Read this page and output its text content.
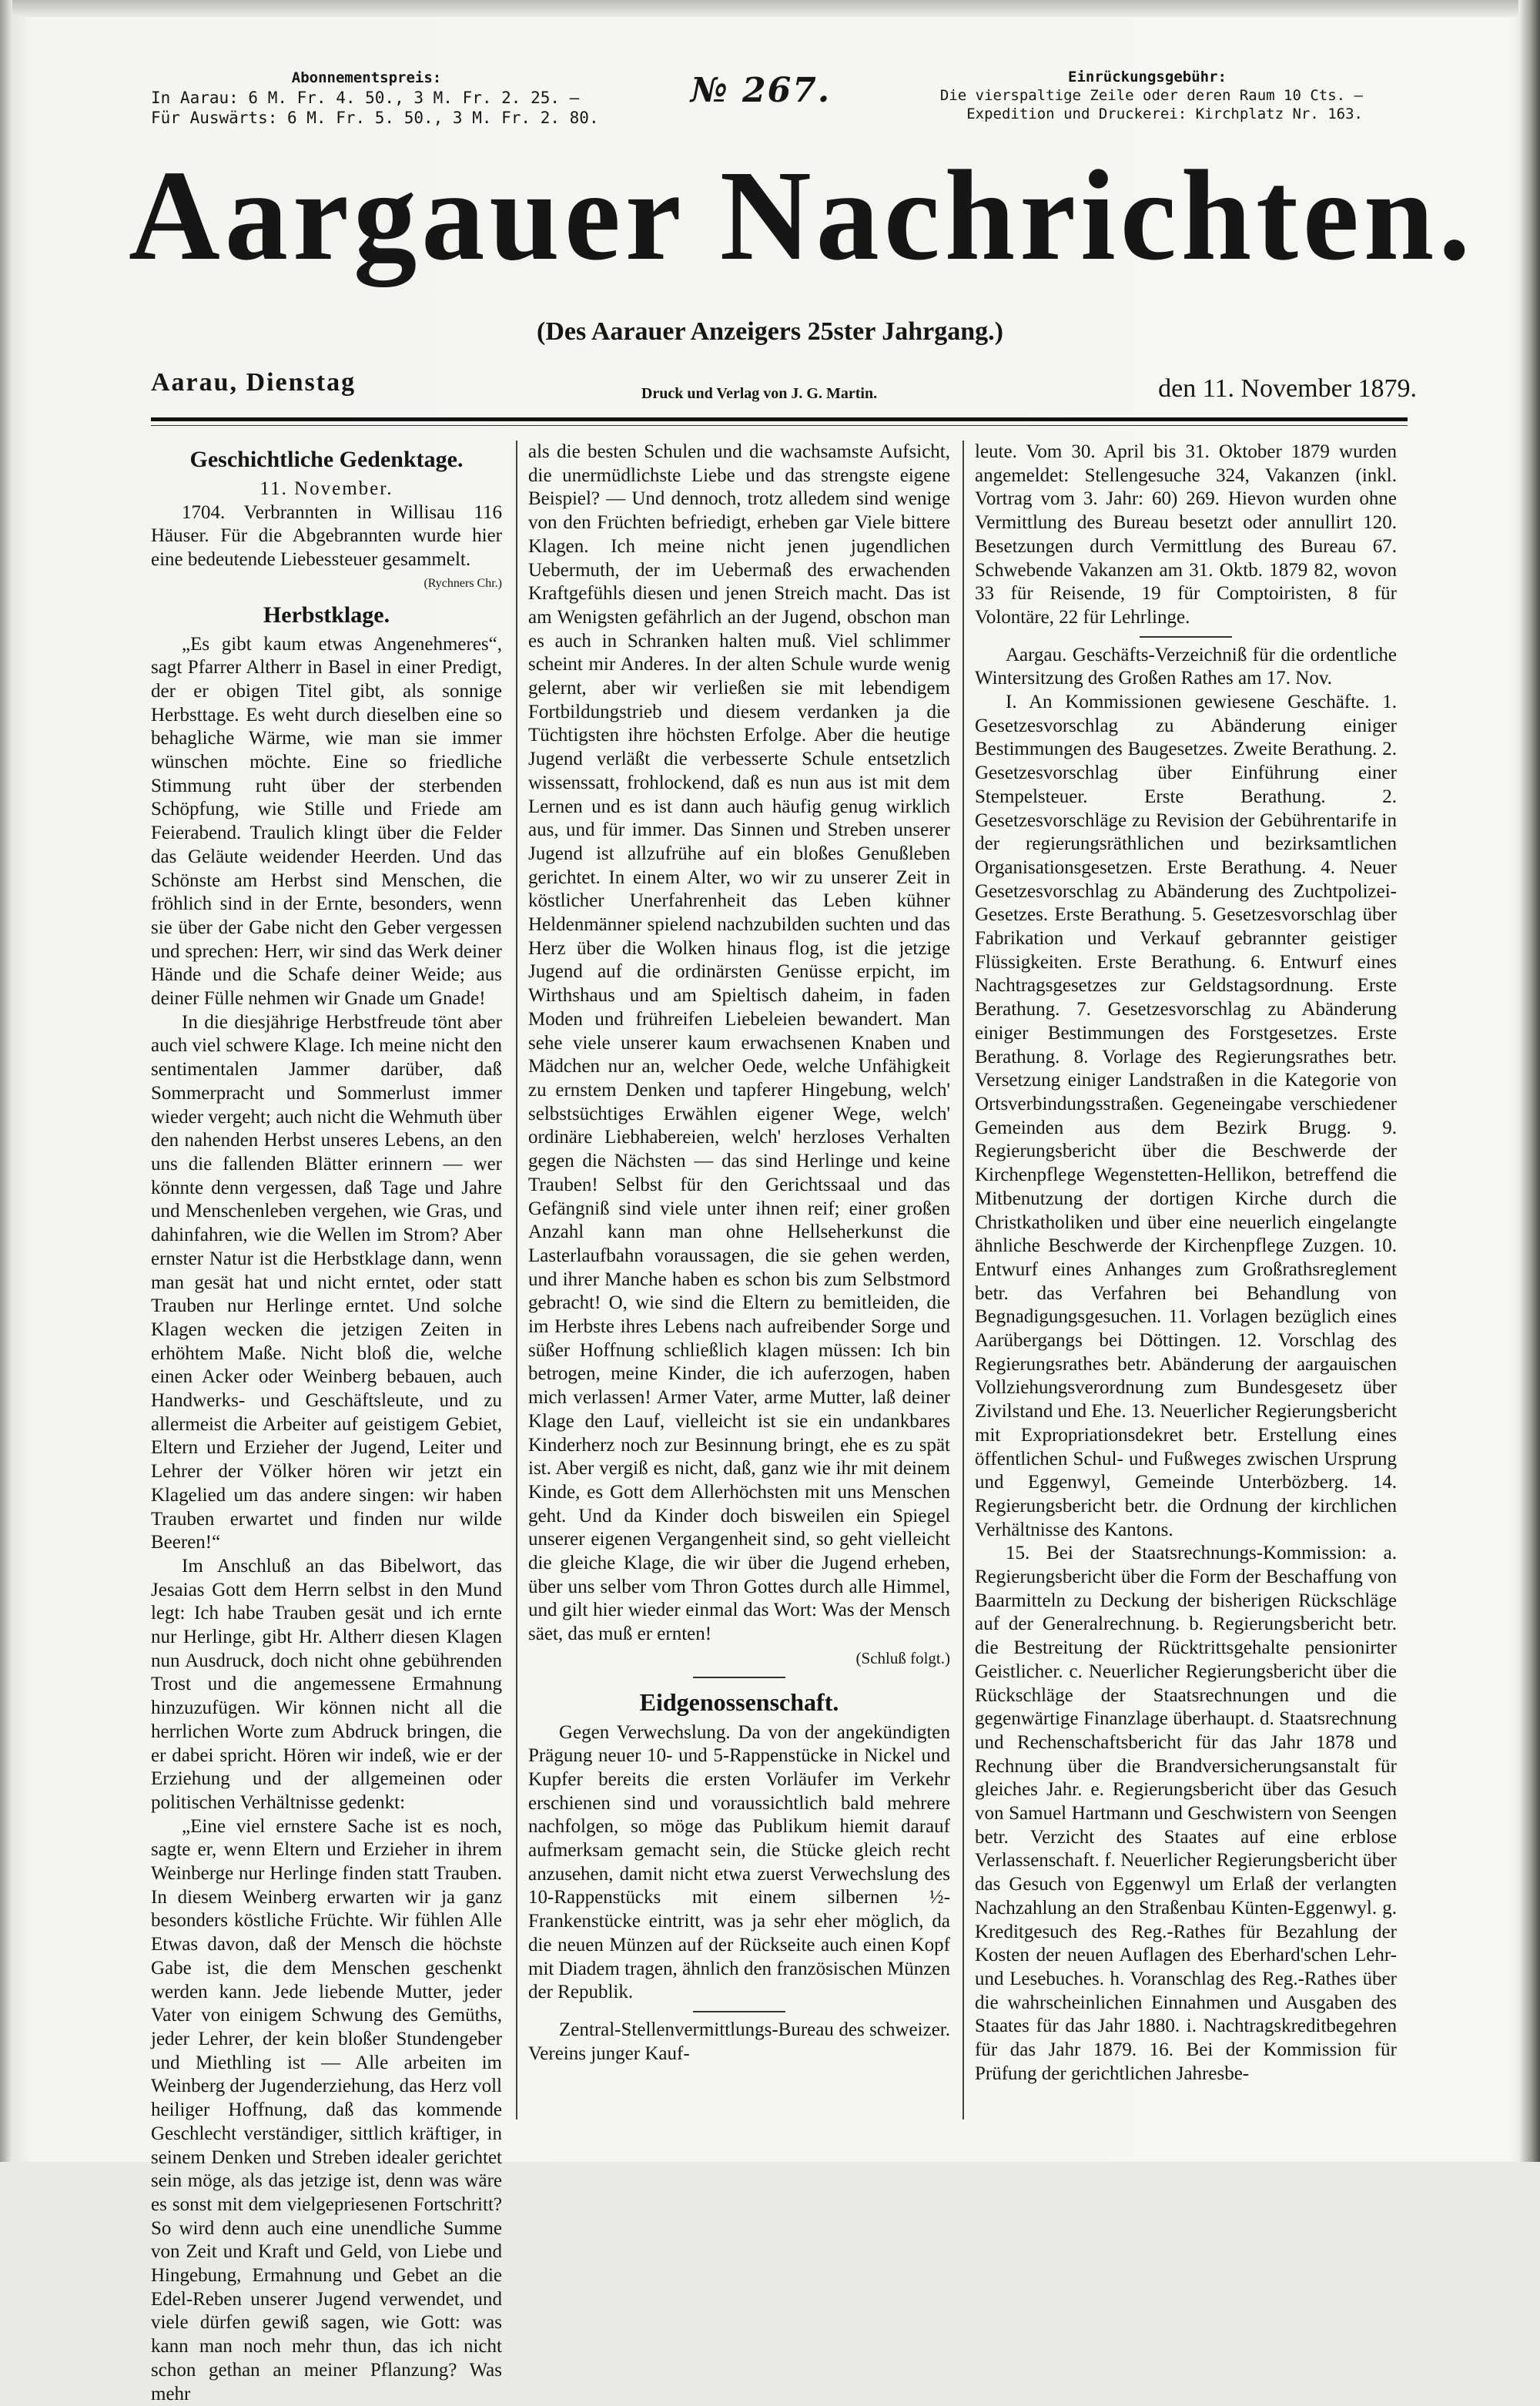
Abonnementspreis:
In Aarau: 6 M. Fr. 4. 50., 3 M. Fr. 2. 25. —
Für Auswärts: 6 M. Fr. 5. 50., 3 M. Fr. 2. 80.
№ 267.	Einrückungsgebühr:
Die vierspaltige Zeile oder deren Raum 10 Cts. —
Expedition und Druckerei: Kirchplatz Nr. 163.
Aargauer Nachrichten.
(Des Aarauer Anzeigers 25ster Jahrgang.)
Aarau, Dienstag	Druck und Verlag von J. G. Martin.	den 11. November 1879.
Geschichtliche Gedenktage.

11. November.

1704. Verbrannten in Willisau 116 Häuser. Für die Abgebrannten wurde hier eine bedeutende Liebessteuer gesammelt.

(Rychners Chr.)

Herbstklage.

„Es gibt kaum etwas Angenehmeres“, sagt Pfarrer Altherr in Basel in einer Predigt, der er obigen Titel gibt, als sonnige Herbsttage. Es weht durch dieselben eine so behagliche Wärme, wie man sie immer wünschen möchte. Eine so friedliche Stimmung ruht über der sterbenden Schöpfung, wie Stille und Friede am Feierabend. Traulich klingt über die Felder das Geläute weidender Heerden. Und das Schönste am Herbst sind Menschen, die fröhlich sind in der Ernte, besonders, wenn sie über der Gabe nicht den Geber vergessen und sprechen: Herr, wir sind das Werk deiner Hände und die Schafe deiner Weide; aus deiner Fülle nehmen wir Gnade um Gnade!

In die diesjährige Herbstfreude tönt aber auch viel schwere Klage. Ich meine nicht den sentimentalen Jammer darüber, daß Sommerpracht und Sommerlust immer wieder vergeht; auch nicht die Wehmuth über den nahenden Herbst unseres Lebens, an den uns die fallenden Blätter erinnern — wer könnte denn vergessen, daß Tage und Jahre und Menschenleben vergehen, wie Gras, und dahinfahren, wie die Wellen im Strom? Aber ernster Natur ist die Herbstklage dann, wenn man gesät hat und nicht erntet, oder statt Trauben nur Herlinge erntet. Und solche Klagen wecken die jetzigen Zeiten in erhöhtem Maße. Nicht bloß die, welche einen Acker oder Weinberg bebauen, auch Handwerks- und Geschäftsleute, und zu allermeist die Arbeiter auf geistigem Gebiet, Eltern und Erzieher der Jugend, Leiter und Lehrer der Völker hören wir jetzt ein Klagelied um das andere singen: wir haben Trauben erwartet und finden nur wilde Beeren!“

Im Anschluß an das Bibelwort, das Jesaias Gott dem Herrn selbst in den Mund legt: Ich habe Trauben gesät und ich ernte nur Herlinge, gibt Hr. Altherr diesen Klagen nun Ausdruck, doch nicht ohne gebührenden Trost und die angemessene Ermahnung hinzuzufügen. Wir können nicht all die herrlichen Worte zum Abdruck bringen, die er dabei spricht. Hören wir indeß, wie er der Erziehung und der allgemeinen oder politischen Verhältnisse gedenkt:

„Eine viel ernstere Sache ist es noch, sagte er, wenn Eltern und Erzieher in ihrem Weinberge nur Herlinge finden statt Trauben. In diesem Weinberg erwarten wir ja ganz besonders köstliche Früchte. Wir fühlen Alle Etwas davon, daß der Mensch die höchste Gabe ist, die dem Menschen geschenkt werden kann. Jede liebende Mutter, jeder Vater von einigem Schwung des Gemüths, jeder Lehrer, der kein bloßer Stundengeber und Miethling ist — Alle arbeiten im Weinberg der Jugenderziehung, das Herz voll heiliger Hoffnung, daß das kommende Geschlecht verständiger, sittlich kräftiger, in seinem Denken und Streben idealer gerichtet sein möge, als das jetzige ist, denn was wäre es sonst mit dem vielgepriesenen Fortschritt? So wird denn auch eine unendliche Summe von Zeit und Kraft und Geld, von Liebe und Hingebung, Ermahnung und Gebet an die Edel-Reben unserer Jugend verwendet, und viele dürfen gewiß sagen, wie Gott: was kann man noch mehr thun, das ich nicht schon gethan an meiner Pflanzung? Was mehr

als die besten Schulen und die wachsamste Aufsicht, die unermüdlichste Liebe und das strengste eigene Beispiel? — Und dennoch, trotz alledem sind wenige von den Früchten befriedigt, erheben gar Viele bittere Klagen. Ich meine nicht jenen jugendlichen Uebermuth, der im Uebermaß des erwachenden Kraftgefühls diesen und jenen Streich macht. Das ist am Wenigsten gefährlich an der Jugend, obschon man es auch in Schranken halten muß. Viel schlimmer scheint mir Anderes. In der alten Schule wurde wenig gelernt, aber wir verließen sie mit lebendigem Fortbildungstrieb und diesem verdanken ja die Tüchtigsten ihre höchsten Erfolge. Aber die heutige Jugend verläßt die verbesserte Schule entsetzlich wissenssatt, frohlockend, daß es nun aus ist mit dem Lernen und es ist dann auch häufig genug wirklich aus, und für immer. Das Sinnen und Streben unserer Jugend ist allzufrühe auf ein bloßes Genußleben gerichtet. In einem Alter, wo wir zu unserer Zeit in köstlicher Unerfahrenheit das Leben kühner Heldenmänner spielend nachzubilden suchten und das Herz über die Wolken hinaus flog, ist die jetzige Jugend auf die ordinärsten Genüsse erpicht, im Wirthshaus und am Spieltisch daheim, in faden Moden und frühreifen Liebeleien bewandert. Man sehe viele unserer kaum erwachsenen Knaben und Mädchen nur an, welcher Oede, welche Unfähigkeit zu ernstem Denken und tapferer Hingebung, welch' selbstsüchtiges Erwählen eigener Wege, welch' ordinäre Liebhabereien, welch' herzloses Verhalten gegen die Nächsten — das sind Herlinge und keine Trauben! Selbst für den Gerichtssaal und das Gefängniß sind viele unter ihnen reif; einer großen Anzahl kann man ohne Hellseherkunst die Lasterlaufbahn voraussagen, die sie gehen werden, und ihrer Manche haben es schon bis zum Selbstmord gebracht! O, wie sind die Eltern zu bemitleiden, die im Herbste ihres Lebens nach aufreibender Sorge und süßer Hoffnung schließlich klagen müssen: Ich bin betrogen, meine Kinder, die ich auferzogen, haben mich verlassen! Armer Vater, arme Mutter, laß deiner Klage den Lauf, vielleicht ist sie ein undankbares Kinderherz noch zur Besinnung bringt, ehe es zu spät ist. Aber vergiß es nicht, daß, ganz wie ihr mit deinem Kinde, es Gott dem Allerhöchsten mit uns Menschen geht. Und da Kinder doch bisweilen ein Spiegel unserer eigenen Vergangenheit sind, so geht vielleicht die gleiche Klage, die wir über die Jugend erheben, über uns selber vom Thron Gottes durch alle Himmel, und gilt hier wieder einmal das Wort: Was der Mensch säet, das muß er ernten!

(Schluß folgt.)

Eidgenossenschaft.

Gegen Verwechslung. Da von der angekündigten Prägung neuer 10- und 5-Rappenstücke in Nickel und Kupfer bereits die ersten Vorläufer im Verkehr erschienen sind und voraussichtlich bald mehrere nachfolgen, so möge das Publikum hiemit darauf aufmerksam gemacht sein, die Stücke gleich recht anzusehen, damit nicht etwa zuerst Verwechslung des 10-Rappenstücks mit einem silbernen ½-Frankenstücke eintritt, was ja sehr eher möglich, da die neuen Münzen auf der Rückseite auch einen Kopf mit Diadem tragen, ähnlich den französischen Münzen der Republik.

Zentral-Stellenvermittlungs-Bureau des schweizer. Vereins junger Kauf-

leute. Vom 30. April bis 31. Oktober 1879 wurden angemeldet: Stellengesuche 324, Vakanzen (inkl. Vortrag vom 3. Jahr: 60) 269. Hievon wurden ohne Vermittlung des Bureau besetzt oder annullirt 120. Besetzungen durch Vermittlung des Bureau 67. Schwebende Vakanzen am 31. Oktb. 1879 82, wovon 33 für Reisende, 19 für Comptoiristen, 8 für Volontäre, 22 für Lehrlinge.

Aargau. Geschäfts-Verzeichniß für die ordentliche Wintersitzung des Großen Rathes am 17. Nov.

I. An Kommissionen gewiesene Geschäfte. 1. Gesetzesvorschlag zu Abänderung einiger Bestimmungen des Baugesetzes. Zweite Berathung. 2. Gesetzesvorschlag über Einführung einer Stempelsteuer. Erste Berathung. 2. Gesetzesvorschläge zu Revision der Gebührentarife in der regierungsräthlichen und bezirksamtlichen Organisationsgesetzen. Erste Berathung. 4. Neuer Gesetzesvorschlag zu Abänderung des Zuchtpolizei-Gesetzes. Erste Berathung. 5. Gesetzesvorschlag über Fabrikation und Verkauf gebrannter geistiger Flüssigkeiten. Erste Berathung. 6. Entwurf eines Nachtragsgesetzes zur Geldstagsordnung. Erste Berathung. 7. Gesetzesvorschlag zu Abänderung einiger Bestimmungen des Forstgesetzes. Erste Berathung. 8. Vorlage des Regierungsrathes betr. Versetzung einiger Landstraßen in die Kategorie von Ortsverbindungsstraßen. Gegeneingabe verschiedener Gemeinden aus dem Bezirk Brugg. 9. Regierungsbericht über die Beschwerde der Kirchenpflege Wegenstetten-Hellikon, betreffend die Mitbenutzung der dortigen Kirche durch die Christkatholiken und über eine neuerlich eingelangte ähnliche Beschwerde der Kirchenpflege Zuzgen. 10. Entwurf eines Anhanges zum Großrathsreglement betr. das Verfahren bei Behandlung von Begnadigungsgesuchen. 11. Vorlagen bezüglich eines Aarübergangs bei Döttingen. 12. Vorschlag des Regierungsrathes betr. Abänderung der aargauischen Vollziehungsverordnung zum Bundesgesetz über Zivilstand und Ehe. 13. Neuerlicher Regierungsbericht mit Expropriationsdekret betr. Erstellung eines öffentlichen Schul- und Fußweges zwischen Ursprung und Eggenwyl, Gemeinde Unterbözberg. 14. Regierungsbericht betr. die Ordnung der kirchlichen Verhältnisse des Kantons.

15. Bei der Staatsrechnungs-Kommission: a. Regierungsbericht über die Form der Beschaffung von Baarmitteln zu Deckung der bisherigen Rückschläge auf der Generalrechnung. b. Regierungsbericht betr. die Bestreitung der Rücktrittsgehalte pensionirter Geistlicher. c. Neuerlicher Regierungsbericht über die Rückschläge der Staatsrechnungen und die gegenwärtige Finanzlage überhaupt. d. Staatsrechnung und Rechenschaftsbericht für das Jahr 1878 und Rechnung über die Brandversicherungsanstalt für gleiches Jahr. e. Regierungsbericht über das Gesuch von Samuel Hartmann und Geschwistern von Seengen betr. Verzicht des Staates auf eine erblose Verlassenschaft. f. Neuerlicher Regierungsbericht über das Gesuch von Eggenwyl um Erlaß der verlangten Nachzahlung an den Straßenbau Künten-Eggenwyl. g. Kreditgesuch des Reg.-Rathes für Bezahlung der Kosten der neuen Auflagen des Eberhard'schen Lehr- und Lesebuches. h. Voranschlag des Reg.-Rathes über die wahrscheinlichen Einnahmen und Ausgaben des Staates für das Jahr 1880. i. Nachtragskreditbegehren für das Jahr 1879. 16. Bei der Kommission für Prüfung der gerichtlichen Jahresbe-
